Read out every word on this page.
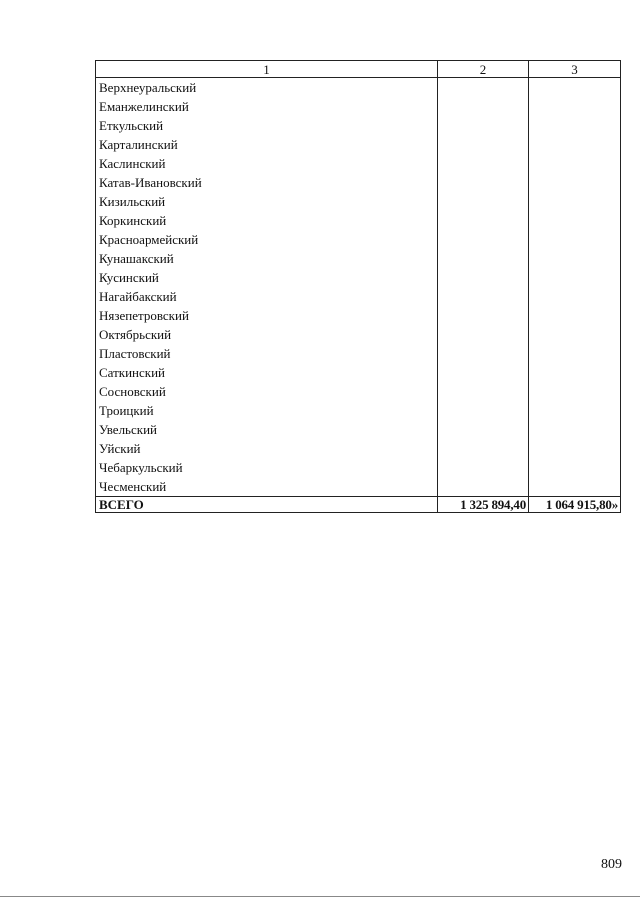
1	2	3
Верхнеуральский		
Еманжелинский		
Еткульский		
Карталинский		
Каслинский		
Катав-Ивановский		
Кизильский		
Коркинский		
Красноармейский		
Кунашакский		
Кусинский		
Нагайбакский		
Нязепетровский		
Октябрьский		
Пластовский		
Саткинский		
Сосновский		
Троицкий		
Увельский		
Уйский		
Чебаркульский		
Чесменский		
ВСЕГО	1 325 894,40	1 064 915,80»
809
